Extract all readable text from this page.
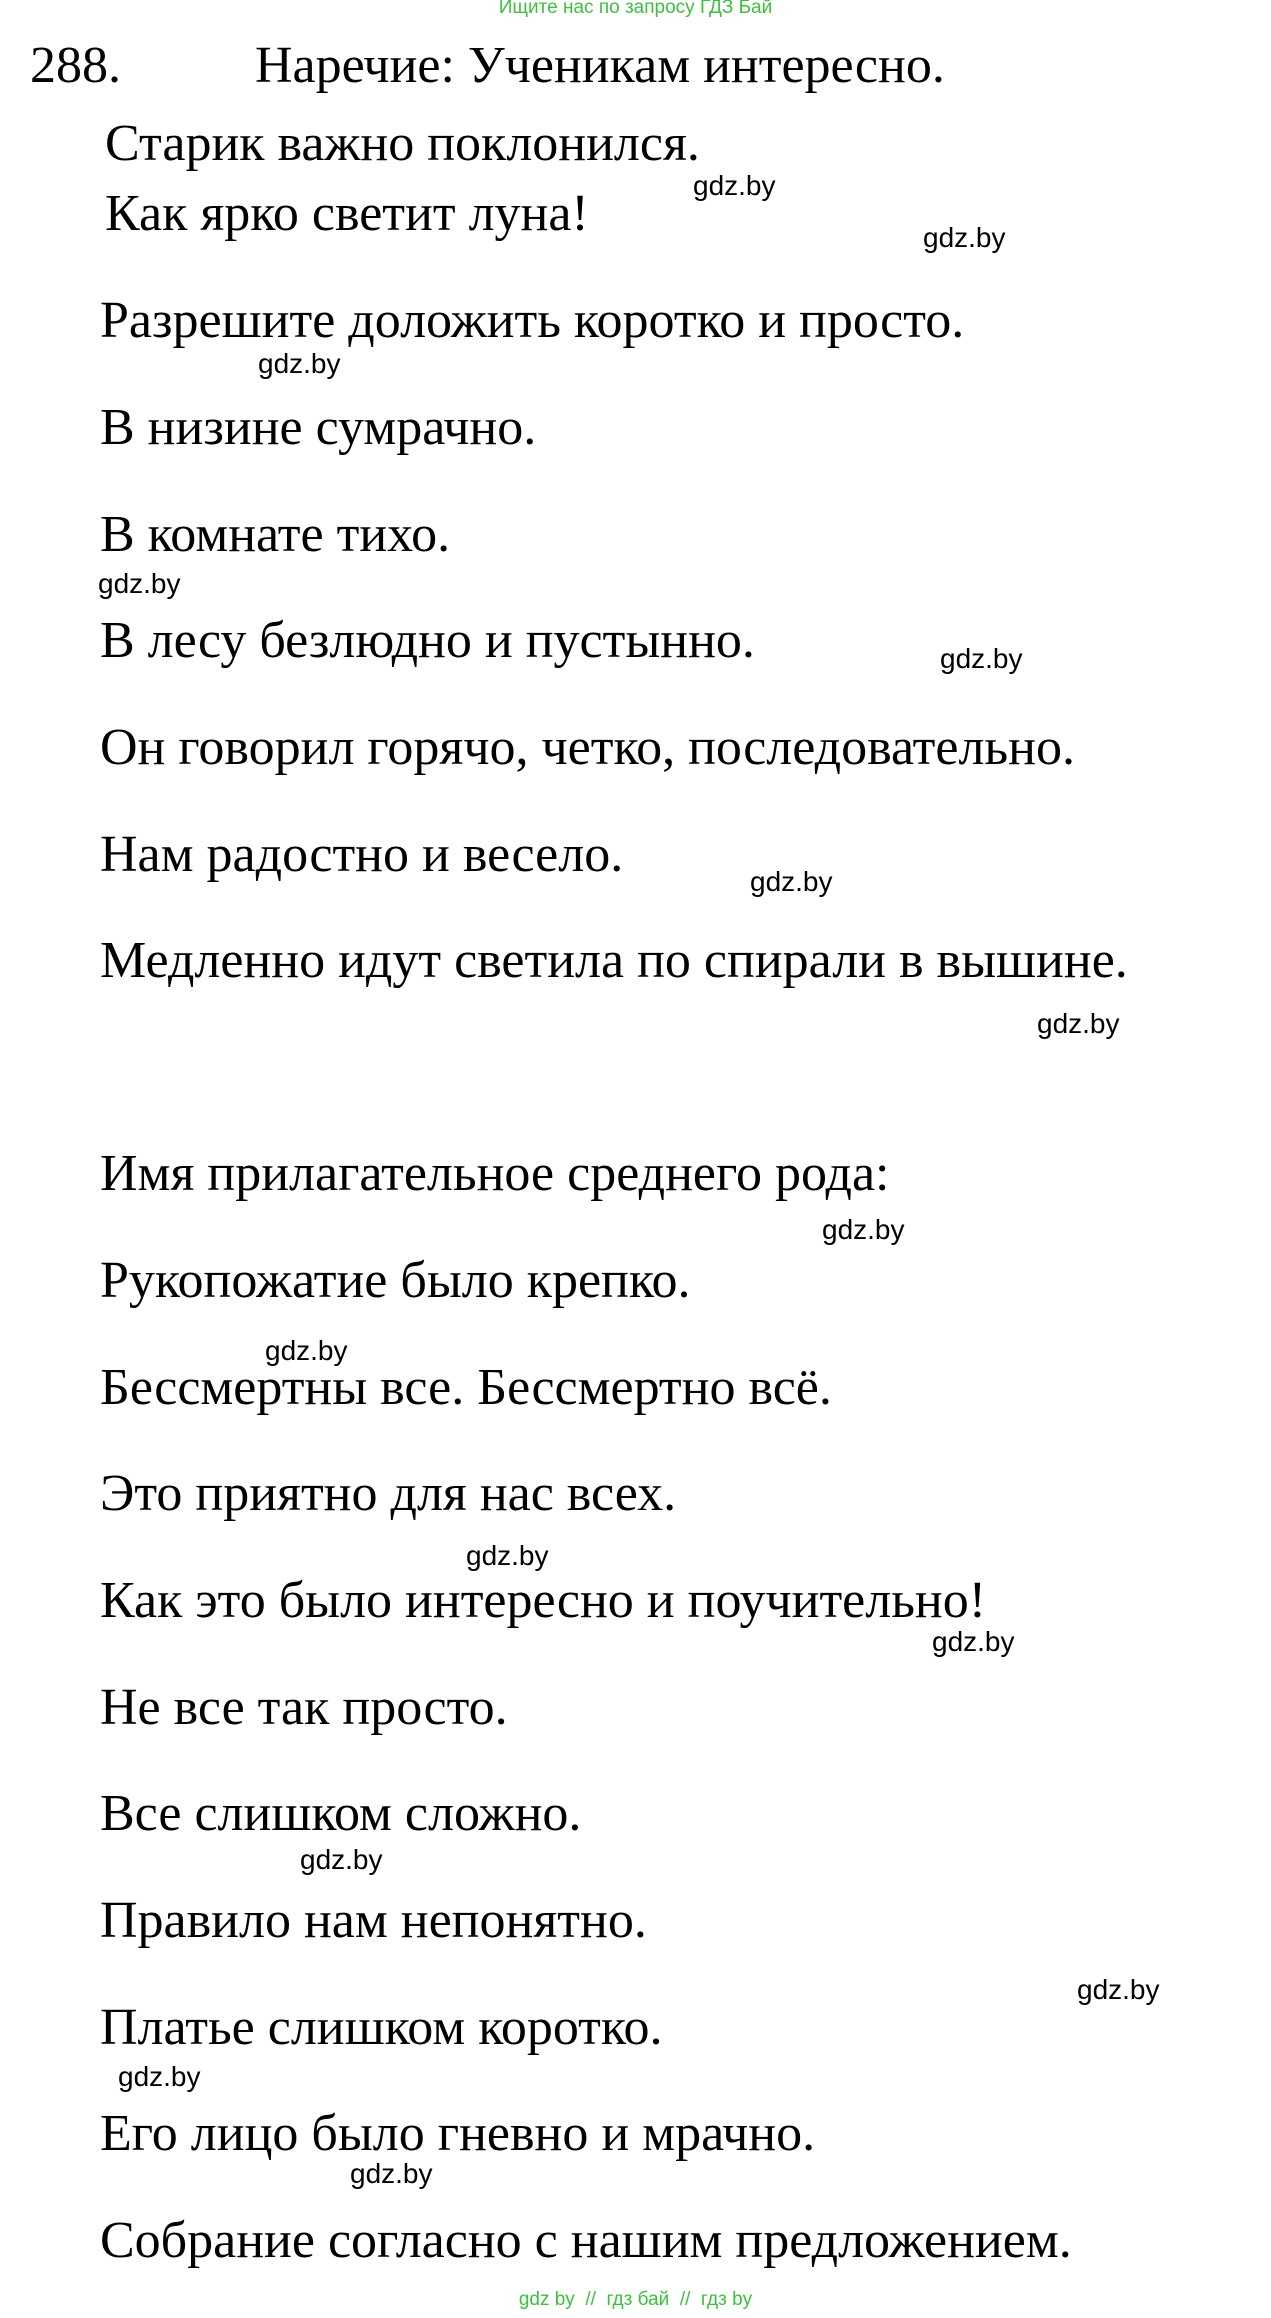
Ищите нас по запросу ГДЗ Бай
288.	Наречие: Ученикам интересно.
Старик важно поклонился.
Как ярко светит луна!
Разрешите доложить коротко и просто.
В низине сумрачно.
В комнате тихо.
В лесу безлюдно и пустынно.
Он говорил горячо, четко, последовательно.
Нам радостно и весело.
Медленно идут светила по спирали в вышине.
Имя прилагательное среднего рода:
Рукопожатие было крепко.
Бессмертны все. Бессмертно всё.
Это приятно для нас всех.
Как это было интересно и поучительно!
Не все так просто.
Все слишком сложно.
Правило нам непонятно.
Платье слишком коротко.
Его лицо было гневно и мрачно.
Собрание согласно с нашим предложением.
gdz.by
gdz.by
gdz.by
gdz.by
gdz.by
gdz.by
gdz.by
gdz.by
gdz.by
gdz.by
gdz.by
gdz.by
gdz.by
gdz.by
gdz.by
gdz by  //  гдз бай  //  гдз by
